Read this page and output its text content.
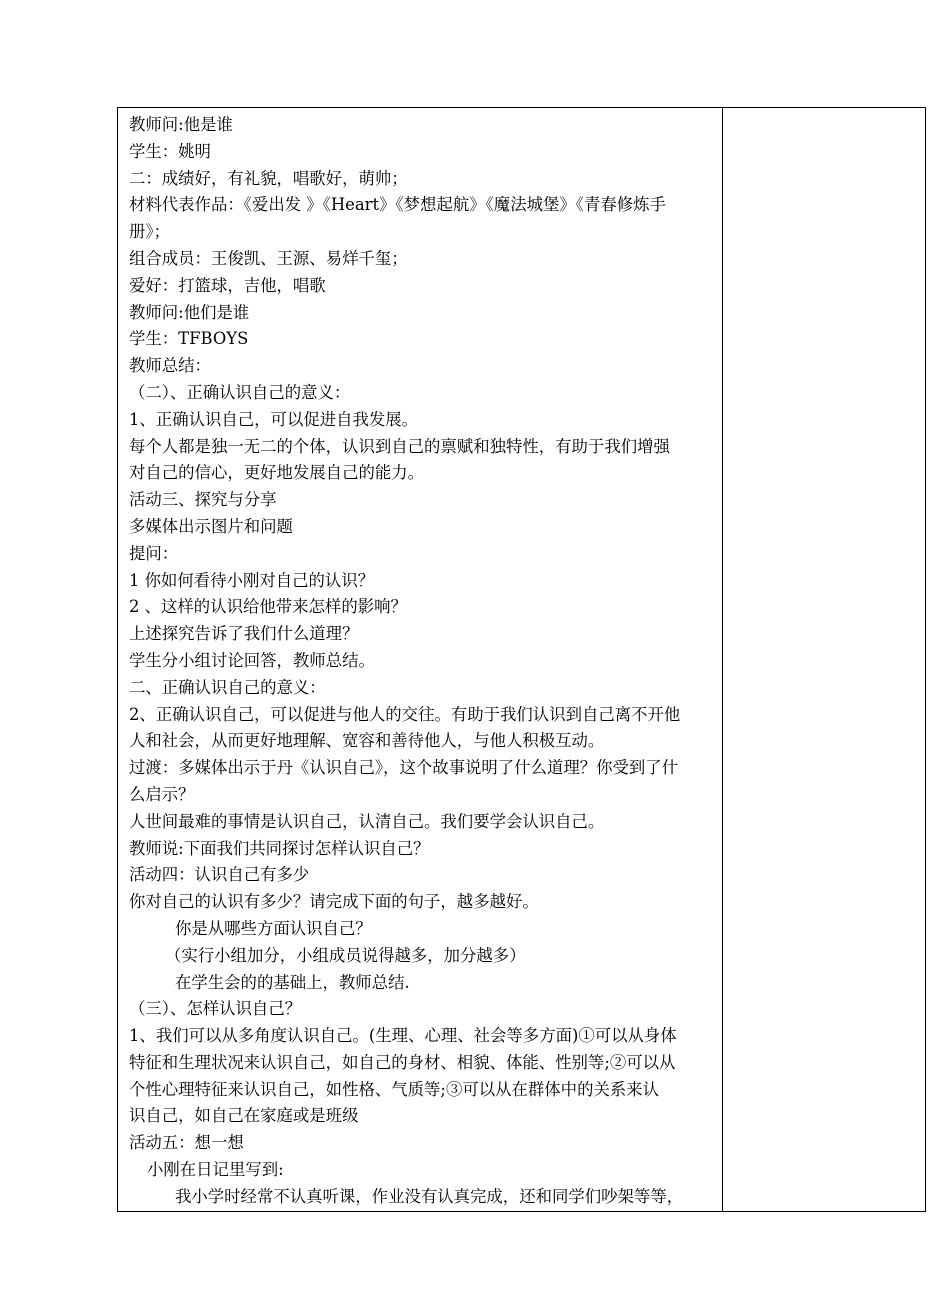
教师问:他是谁
学生：姚明
二：成绩好，有礼貌，唱歌好，萌帅；
材料代表作品：《爱出发 》《Heart》《梦想起航》《魔法城堡》《青春修炼手
册》；
组合成员：王俊凯、王源、易烊千玺；
爱好：打篮球，吉他，唱歌
教师问:他们是谁
学生：TFBOYS
教师总结：
（二）、正确认识自己的意义：
1、正确认识自己，可以促进自我发展。
每个人都是独一无二的个体，认识到自己的禀赋和独特性，有助于我们增强
对自己的信心，更好地发展自己的能力。
活动三、探究与分享
多媒体出示图片和问题
提问：
1 你如何看待小刚对自己的认识？
2 、这样的认识给他带来怎样的影响？
上述探究告诉了我们什么道理？
学生分小组讨论回答，教师总结。
二、正确认识自己的意义：
2、正确认识自己，可以促进与他人的交往。有助于我们认识到自己离不开他
人和社会，从而更好地理解、宽容和善待他人，与他人积极互动。
过渡：多媒体出示于丹《认识自己》，这个故事说明了什么道理？你受到了什
么启示？
人世间最难的事情是认识自己，认清自己。我们要学会认识自己。
教师说:下面我们共同探讨怎样认识自己？
活动四：认识自己有多少
你对自己的认识有多少？请完成下面的句子，越多越好。
你是从哪些方面认识自己？
（实行小组加分，小组成员说得越多，加分越多）
在学生会的的基础上，教师总结.
（三）、怎样认识自己？
1、我们可以从多角度认识自己。(生理、心理、社会等多方面)①可以从身体
特征和生理状况来认识自己，如自己的身材、相貌、体能、性别等;②可以从
个性心理特征来认识自己，如性格、气质等;③可以从在群体中的关系来认
识自己，如自己在家庭或是班级
活动五：想一想
小刚在日记里写到:
我小学时经常不认真听课，作业没有认真完成，还和同学们吵架等等，
